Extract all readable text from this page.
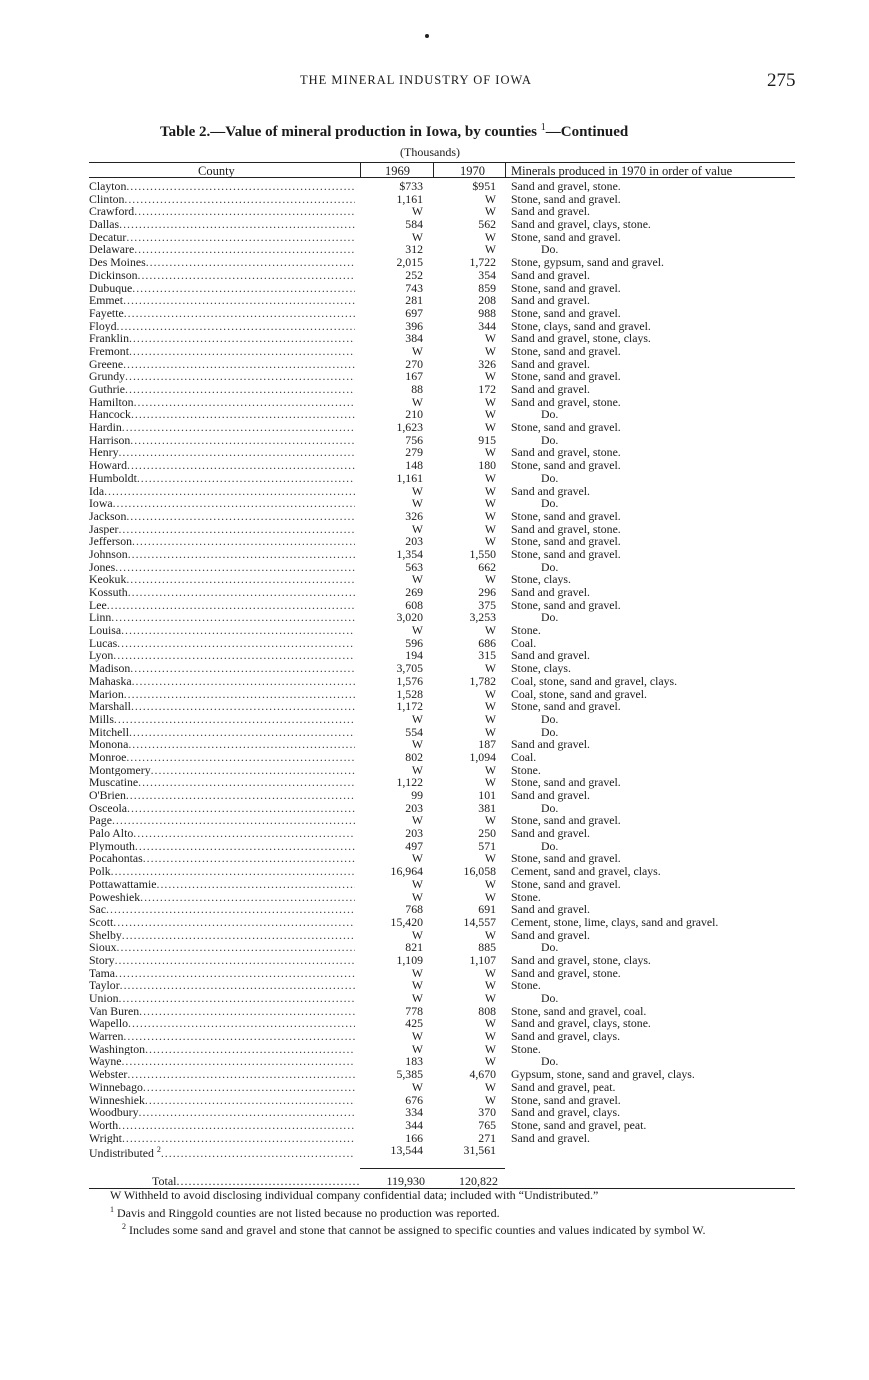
THE MINERAL INDUSTRY OF IOWA	275
Table 2.—Value of mineral production in Iowa, by counties $^1$—Continued
(Thousands)
County	1969	1970 Minerals produced in 1970 in order of value
Clayton .....	$733	$951 Sand and gravel, stone.
Clinton .....	1,161	W Stone, sand and gravel.
Crawford .....	W	W Sand and gravel.
Dallas .....	584	562 Sand and gravel, clays, stone.
Decatur .....	W	W Stone, sand and gravel.
Delaware .....	312	W	Do.
Des Moines .....	2,015	1,722 Stone, gypsum, sand and gravel.
Dickinson .....	252	354 Sand and gravel.
Dubuque .....	743	859 Stone, sand and gravel.
Emmet .....	281	208 Sand and gravel.
Fayette .....	697	988 Stone, sand and gravel.
Floyd .....	396	344 Stone, clays, sand and gravel.
Franklin .....	384	W Sand and gravel, stone, clays.
Fremont .....	W	W Stone, sand and gravel.
Greene .....	270	326 Sand and gravel.
Grundy .....	167	W Stone, sand and gravel.
Guthrie .....	88	172 Sand and gravel.
Hamilton .....	W	W Sand and gravel, stone.
Hancock .....	210	W	Do.
Hardin .....	1,623	W Stone, sand and gravel.
Harrison .....	756	915	Do.
Henry .....	279	W Sand and gravel, stone.
Howard .....	148	180 Stone, sand and gravel.
Humboldt .....	1,161	W	Do.
Ida .....	W	W Sand and gravel.
Iowa .....	W	W	Do.
Jackson .....	326	W Stone, sand and gravel.
Jasper .....	W	W Sand and gravel, stone.
Jefferson .....	203	W Stone, sand and gravel.
Johnson .....	1,354	1,550 Stone, sand and gravel.
Jones .....	563	662	Do.
Keokuk .....	W	W Stone, clays.
Kossuth .....	269	296 Sand and gravel.
Lee .....	608	375 Stone, sand and gravel.
Linn .....	3,020	3,253	Do.
Louisa .....	W	W Stone.
Lucas .....	596	686 Coal.
Lyon .....	194	315 Sand and gravel.
Madison .....	3,705	W Stone, clays.
Mahaska .....	1,576	1,782 Coal, stone, sand and gravel, clays.
Marion .....	1,528	W Coal, stone, sand and gravel.
Marshall .....	1,172	W Stone, sand and gravel.
Mills .....	W	W	Do.
Mitchell .....	554	W	Do.
Monona .....	W	187 Sand and gravel.
Monroe .....	802	1,094 Coal.
Montgomery .....	W	W Stone.
Muscatine .....	1,122	W Stone, sand and gravel.
O'Brien .....	99	101 Sand and gravel.
Osceola .....	203	381	Do.
Page .....	W	W Stone, sand and gravel.
Palo Alto .....	203	250 Sand and gravel.
Plymouth .....	497	571	Do.
Pocahontas .....	W	W Stone, sand and gravel.
Polk .....	16,964	16,058 Cement, sand and gravel, clays.
Pottawattamie .....	W	W Stone, sand and gravel.
Poweshiek .....	W	W Stone.
Sac .....	768	691 Sand and gravel.
Scott .....	15,420	14,557 Cement, stone, lime, clays, sand and gravel.
Shelby .....	W	W Sand and gravel.
Sioux .....	821	885	Do.
Story .....	1,109	1,107 Sand and gravel, stone, clays.
Tama .....	W	W Sand and gravel, stone.
Taylor .....	W	W Stone.
Union .....	W	W	Do.
Van Buren .....	778	808 Stone, sand and gravel, coal.
Wapello .....	425	W Sand and gravel, clays, stone.
Warren .....	W	W Sand and gravel, clays.
Washington .....	W	W Stone.
Wayne .....	183	W	Do.
Webster .....	5,385	4,670 Gypsum, stone, sand and gravel, clays.
Winnebago .....	W	W Sand and gravel, peat.
Winneshiek .....	676	W Stone, sand and gravel.
Woodbury .....	334	370 Sand and gravel, clays.
Worth .....	344	765 Stone, sand and gravel, peat.
Wright .....	166	271 Sand and gravel.
Undistributed $^2$ .....	13,544	31,561
Total .....	119,930	120,822

W Withheld to avoid disclosing individual company confidential data; included with “Undistributed.”

$^1$ Davis and Ringgold counties are not listed because no production was reported.

$^2$ Includes some sand and gravel and stone that cannot be assigned to specific counties and values indicated by symbol W.
